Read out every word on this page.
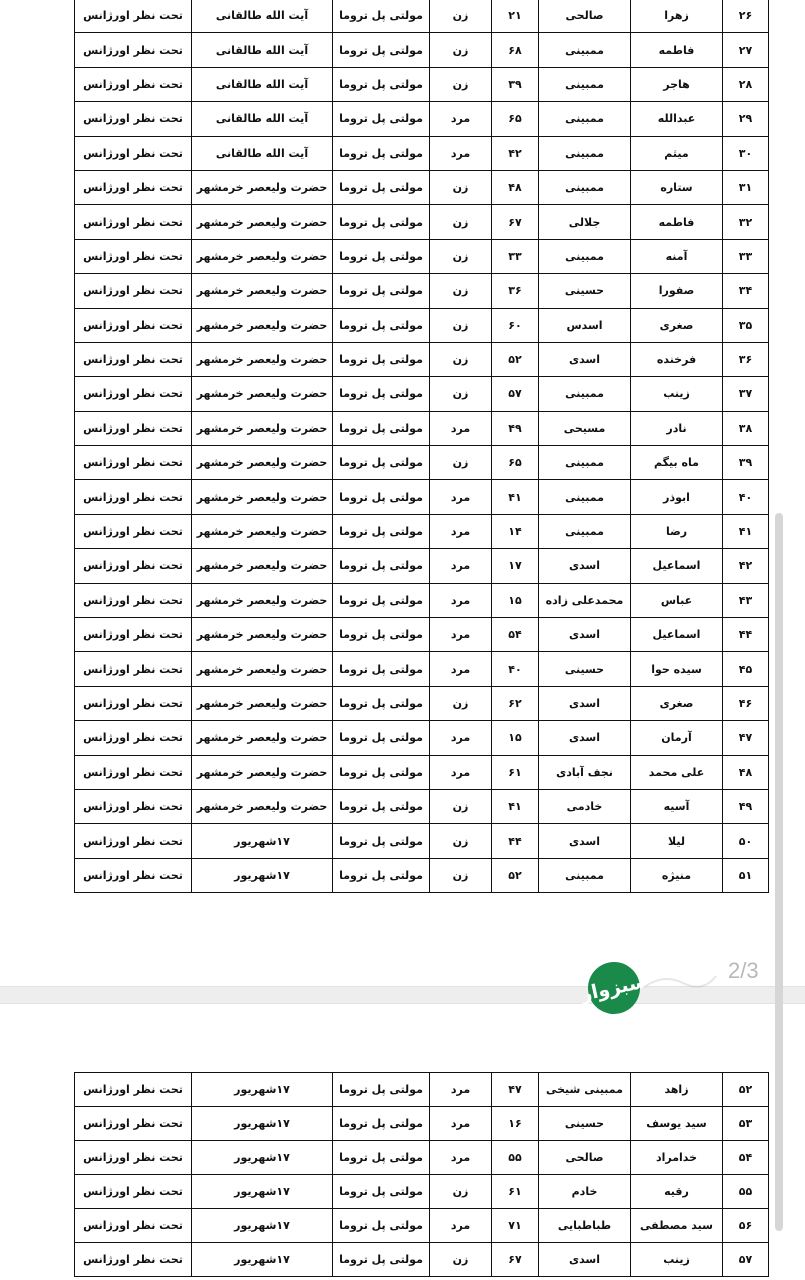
۲۶	زهرا	صالحی	۲۱	زن	مولتی پل تروما	آیت الله طالقانی	تحت نظر اورژانس
۲۷	فاطمه	ممبینی	۶۸	زن	مولتی پل تروما	آیت الله طالقانی	تحت نظر اورژانس
۲۸	هاجر	ممبینی	۳۹	زن	مولتی پل تروما	آیت الله طالقانی	تحت نظر اورژانس
۲۹	عبدالله	ممبینی	۶۵	مرد	مولتی پل تروما	آیت الله طالقانی	تحت نظر اورژانس
۳۰	میثم	ممبینی	۴۲	مرد	مولتی پل تروما	آیت الله طالقانی	تحت نظر اورژانس
۳۱	ستاره	ممبینی	۴۸	زن	مولتی پل تروما	حضرت ولیعصر خرمشهر	تحت نظر اورژانس
۳۲	فاطمه	جلالی	۶۷	زن	مولتی پل تروما	حضرت ولیعصر خرمشهر	تحت نظر اورژانس
۳۳	آمنه	ممبینی	۳۳	زن	مولتی پل تروما	حضرت ولیعصر خرمشهر	تحت نظر اورژانس
۳۴	صفورا	حسینی	۳۶	زن	مولتی پل تروما	حضرت ولیعصر خرمشهر	تحت نظر اورژانس
۳۵	صغری	اسدس	۶۰	زن	مولتی پل تروما	حضرت ولیعصر خرمشهر	تحت نظر اورژانس
۳۶	فرخنده	اسدی	۵۲	زن	مولتی پل تروما	حضرت ولیعصر خرمشهر	تحت نظر اورژانس
۳۷	زینب	ممبینی	۵۷	زن	مولتی پل تروما	حضرت ولیعصر خرمشهر	تحت نظر اورژانس
۳۸	نادر	مسیحی	۴۹	مرد	مولتی پل تروما	حضرت ولیعصر خرمشهر	تحت نظر اورژانس
۳۹	ماه بیگم	ممبینی	۶۵	زن	مولتی پل تروما	حضرت ولیعصر خرمشهر	تحت نظر اورژانس
۴۰	ابوذر	ممبینی	۴۱	مرد	مولتی پل تروما	حضرت ولیعصر خرمشهر	تحت نظر اورژانس
۴۱	رضا	ممبینی	۱۴	مرد	مولتی پل تروما	حضرت ولیعصر خرمشهر	تحت نظر اورژانس
۴۲	اسماعیل	اسدی	۱۷	مرد	مولتی پل تروما	حضرت ولیعصر خرمشهر	تحت نظر اورژانس
۴۳	عباس	محمدعلی زاده	۱۵	مرد	مولتی پل تروما	حضرت ولیعصر خرمشهر	تحت نظر اورژانس
۴۴	اسماعیل	اسدی	۵۴	مرد	مولتی پل تروما	حضرت ولیعصر خرمشهر	تحت نظر اورژانس
۴۵	سیده حوا	حسینی	۴۰	مرد	مولتی پل تروما	حضرت ولیعصر خرمشهر	تحت نظر اورژانس
۴۶	صغری	اسدی	۶۲	زن	مولتی پل تروما	حضرت ولیعصر خرمشهر	تحت نظر اورژانس
۴۷	آرمان	اسدی	۱۵	مرد	مولتی پل تروما	حضرت ولیعصر خرمشهر	تحت نظر اورژانس
۴۸	علی محمد	نجف آبادی	۶۱	مرد	مولتی پل تروما	حضرت ولیعصر خرمشهر	تحت نظر اورژانس
۴۹	آسیه	خادمی	۴۱	زن	مولتی پل تروما	حضرت ولیعصر خرمشهر	تحت نظر اورژانس
۵۰	لیلا	اسدی	۴۴	زن	مولتی پل تروما	۱۷شهریور	تحت نظر اورژانس
۵۱	منیژه	ممبینی	۵۲	زن	مولتی پل تروما	۱۷شهریور	تحت نظر اورژانس
سبزوار	2/3
۵۲	زاهد	ممبینی شیخی	۴۷	مرد	مولتی پل تروما	۱۷شهریور	تحت نظر اورژانس
۵۳	سید یوسف	حسینی	۱۶	مرد	مولتی پل تروما	۱۷شهریور	تحت نظر اورژانس
۵۴	خدامراد	صالحی	۵۵	مرد	مولتی پل تروما	۱۷شهریور	تحت نظر اورژانس
۵۵	رقیه	خادم	۶۱	زن	مولتی پل تروما	۱۷شهریور	تحت نظر اورژانس
۵۶	سید مصطفی	طباطبایی	۷۱	مرد	مولتی پل تروما	۱۷شهریور	تحت نظر اورژانس
۵۷	زینب	اسدی	۶۷	زن	مولتی پل تروما	۱۷شهریور	تحت نظر اورژانس
